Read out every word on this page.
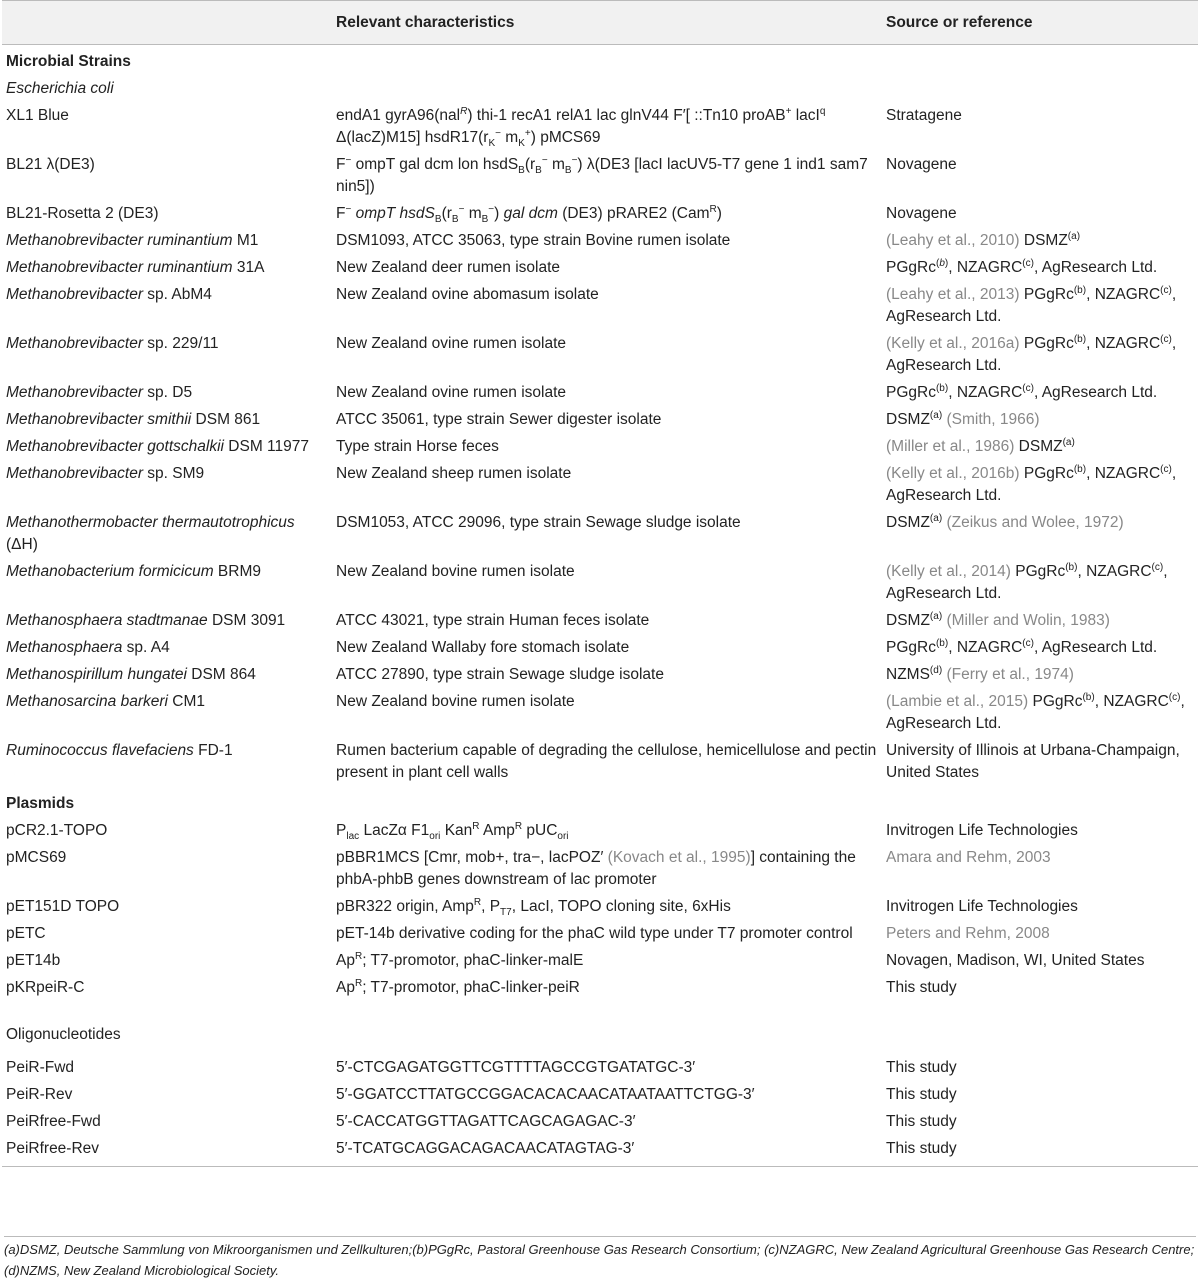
	Relevant characteristics	Source or reference
Microbial Strains		
Escherichia coli		
XL1 Blue	endA1 gyrA96(nal$^R$) thi-1 recA1 relA1 lac glnV44 F′[ ::Tn10 proAB+ lacI$^q$ Δ(lacZ)M15] $hsdR17(r_K^-$ $m_K^+$) pMCS69	Stratagene
BL21 λ(DE3)	F− ompT gal dcm lon $hsdS_B(r_B^-$ $m_B^-$) λ(DE3 [lacI lacUV5-T7 gene 1 ind1 sam7 nin5])	Novagene
BL21-Rosetta 2 (DE3)	F− ompT $hsdS_B(r_B^-$ $m_B^-$) gal dcm (DE3) pRARE2 (Cam$^R$)	Novagene
Methanobrevibacter ruminantium M1	DSM1093, ATCC 35063, type strain Bovine rumen isolate	(Leahy et al., 2010) DSMZ$^{(a)}$
Methanobrevibacter ruminantium 31A	New Zealand deer rumen isolate	PGgRc$^{(b)}$, NZAGRC$^{(c)}$, AgResearch Ltd.
Methanobrevibacter sp. AbM4	New Zealand ovine abomasum isolate	(Leahy et al., 2013) PGgRc$^{(b)}$, NZAGRC$^{(c)}$, AgResearch Ltd.
Methanobrevibacter sp. 229/11	New Zealand ovine rumen isolate	(Kelly et al., 2016a) PGgRc$^{(b)}$, NZAGRC$^{(c)}$, AgResearch Ltd.
Methanobrevibacter sp. D5	New Zealand ovine rumen isolate	PGgRc$^{(b)}$, NZAGRC$^{(c)}$, AgResearch Ltd.
Methanobrevibacter smithii DSM 861	ATCC 35061, type strain Sewer digester isolate	DSMZ$^{(a)}$ (Smith, 1966)
Methanobrevibacter gottschalkii DSM 11977	Type strain Horse feces	(Miller et al., 1986) DSMZ$^{(a)}$
Methanobrevibacter sp. SM9	New Zealand sheep rumen isolate	(Kelly et al., 2016b) PGgRc$^{(b)}$, NZAGRC$^{(c)}$, AgResearch Ltd.
Methanothermobacter thermautotrophicus (ΔH)	DSM1053, ATCC 29096, type strain Sewage sludge isolate	DSMZ$^{(a)}$ (Zeikus and Wolee, 1972)
Methanobacterium formicicum BRM9	New Zealand bovine rumen isolate	(Kelly et al., 2014) PGgRc$^{(b)}$, NZAGRC$^{(c)}$, AgResearch Ltd.
Methanosphaera stadtmanae DSM 3091	ATCC 43021, type strain Human feces isolate	DSMZ$^{(a)}$ (Miller and Wolin, 1983)
Methanosphaera sp. A4	New Zealand Wallaby fore stomach isolate	PGgRc$^{(b)}$, NZAGRC$^{(c)}$, AgResearch Ltd.
Methanospirillum hungatei DSM 864	ATCC 27890, type strain Sewage sludge isolate	NZMS$^{(d)}$ (Ferry et al., 1974)
Methanosarcina barkeri CM1	New Zealand bovine rumen isolate	(Lambie et al., 2015) PGgRc$^{(b)}$, NZAGRC$^{(c)}$, AgResearch Ltd.
Ruminococcus flavefaciens FD-1	Rumen bacterium capable of degrading the cellulose, hemicellulose and pectin present in plant cell walls	University of Illinois at Urbana-Champaign, United States
Plasmids		
pCR2.1-TOPO	$P_{lac}$ LacZα $F1_{ori}$ Kan$^R$ Amp$^R$ pUC$_{ori}$	Invitrogen Life Technologies
pMCS69	pBBR1MCS [Cmr, mob+, tra−, lacPOZ′ (Kovach et al., 1995)] containing the phbA-phbB genes downstream of lac promoter	Amara and Rehm, 2003
pET151D TOPO	pBR322 origin, Amp$^R$, $P_{T7}$, LacI, TOPO cloning site, 6xHis	Invitrogen Life Technologies
pETC	pET-14b derivative coding for the phaC wild type under T7 promoter control	Peters and Rehm, 2008
pET14b	$Ap^R$; T7-promotor, phaC-linker-malE	Novagen, Madison, WI, United States
pKRpeiR-C	$Ap^R$; T7-promotor, phaC-linker-peiR	This study
Oligonucleotides		
PeiR-Fwd	5′-CTCGAGATGGTTCGTTTTAGCCGTGATATGC-3′	This study
PeiR-Rev	5′-GGATCCTTATGCCGGACACACAACATAATAATTCTGG-3′	This study
PeiRfree-Fwd	5′-CACCATGGTTAGATTCAGCAGAGAC-3′	This study
PeiRfree-Rev	5′-TCATGCAGGACAGACAACATAGTAG-3′	This study
(a)DSMZ, Deutsche Sammlung von Mikroorganismen und Zellkulturen;(b)PGgRc, Pastoral Greenhouse Gas Research Consortium; (c)NZAGRC, New Zealand Agricultural Greenhouse Gas Research Centre; (d)NZMS, New Zealand Microbiological Society.
